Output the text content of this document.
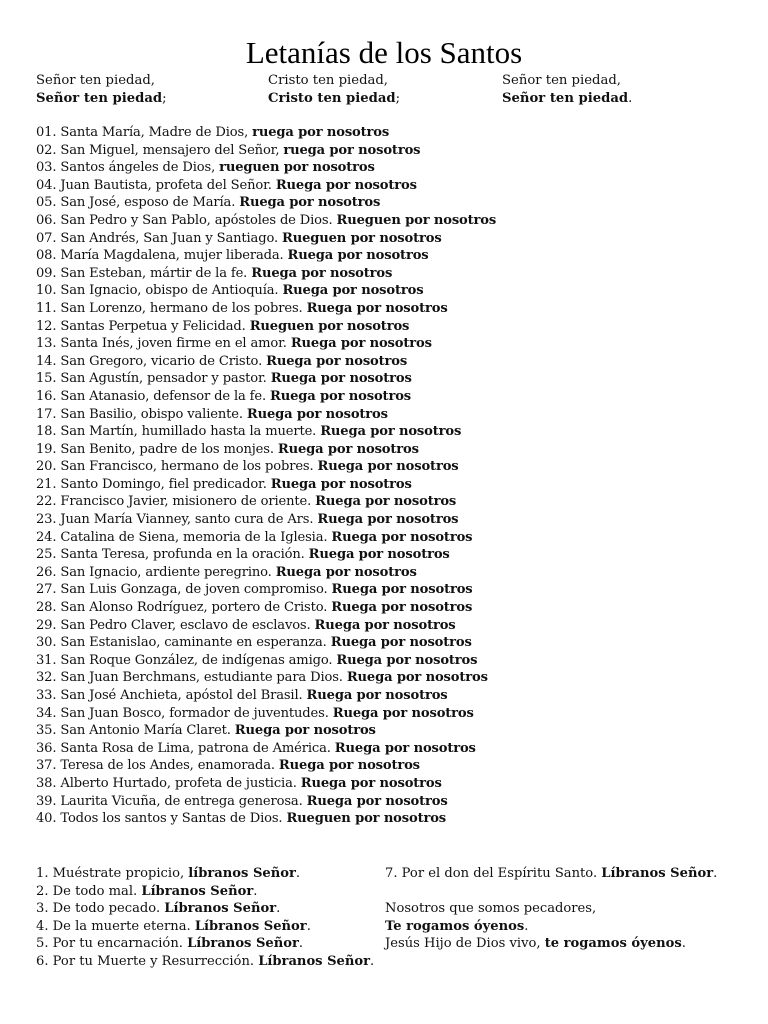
Letanías de los Santos
Señor ten piedad,
Señor ten piedad;
Cristo ten piedad,
Cristo ten piedad;
Señor ten piedad,
Señor ten piedad.
01. Santa María, Madre de Dios, ruega por nosotros
02. San Miguel, mensajero del Señor, ruega por nosotros
03. Santos ángeles de Dios, rueguen por nosotros
04. Juan Bautista, profeta del Señor. Ruega por nosotros
05. San José, esposo de María. Ruega por nosotros
06. San Pedro y San Pablo, apóstoles de Dios. Rueguen por nosotros
07. San Andrés, San Juan y Santiago. Rueguen por nosotros
08. María Magdalena, mujer liberada. Ruega por nosotros
09. San Esteban, mártir de la fe. Ruega por nosotros
10. San Ignacio, obispo de Antioquía. Ruega por nosotros
11. San Lorenzo, hermano de los pobres. Ruega por nosotros
12. Santas Perpetua y Felicidad. Rueguen por nosotros
13. Santa Inés, joven firme en el amor. Ruega por nosotros
14. San Gregoro, vicario de Cristo. Ruega por nosotros
15. San Agustín, pensador y pastor. Ruega por nosotros
16. San Atanasio, defensor de la fe. Ruega por nosotros
17. San Basilio, obispo valiente. Ruega por nosotros
18. San Martín, humillado hasta la muerte. Ruega por nosotros
19. San Benito, padre de los monjes. Ruega por nosotros
20. San Francisco, hermano de los pobres. Ruega por nosotros
21. Santo Domingo, fiel predicador. Ruega por nosotros
22. Francisco Javier, misionero de oriente. Ruega por nosotros
23. Juan María Vianney, santo cura de Ars. Ruega por nosotros
24. Catalina de Siena, memoria de la Iglesia. Ruega por nosotros
25. Santa Teresa, profunda en la oración. Ruega por nosotros
26. San Ignacio, ardiente peregrino. Ruega por nosotros
27. San Luis Gonzaga, de joven compromiso. Ruega por nosotros
28. San Alonso Rodríguez, portero de Cristo. Ruega por nosotros
29. San Pedro Claver, esclavo de esclavos. Ruega por nosotros
30. San Estanislao, caminante en esperanza. Ruega por nosotros
31. San Roque González, de indígenas amigo. Ruega por nosotros
32. San Juan Berchmans, estudiante para Dios. Ruega por nosotros
33. San José Anchieta, apóstol del Brasil. Ruega por nosotros
34. San Juan Bosco, formador de juventudes. Ruega por nosotros
35. San Antonio María Claret. Ruega por nosotros
36. Santa Rosa de Lima, patrona de América. Ruega por nosotros
37. Teresa de los Andes, enamorada. Ruega por nosotros
38. Alberto Hurtado, profeta de justicia. Ruega por nosotros
39. Laurita Vicuña, de entrega generosa. Ruega por nosotros
40. Todos los santos y Santas de Dios. Rueguen por nosotros
1. Muéstrate propicio, líbranos Señor.
2. De todo mal. Líbranos Señor.
3. De todo pecado. Líbranos Señor.
4. De la muerte eterna. Líbranos Señor.
5. Por tu encarnación. Líbranos Señor.
6. Por tu Muerte y Resurrección. Líbranos Señor.
7. Por el don del Espíritu Santo. Líbranos Señor.
Nosotros que somos pecadores,
Te rogamos óyenos.
Jesús Hijo de Dios vivo, te rogamos óyenos.
